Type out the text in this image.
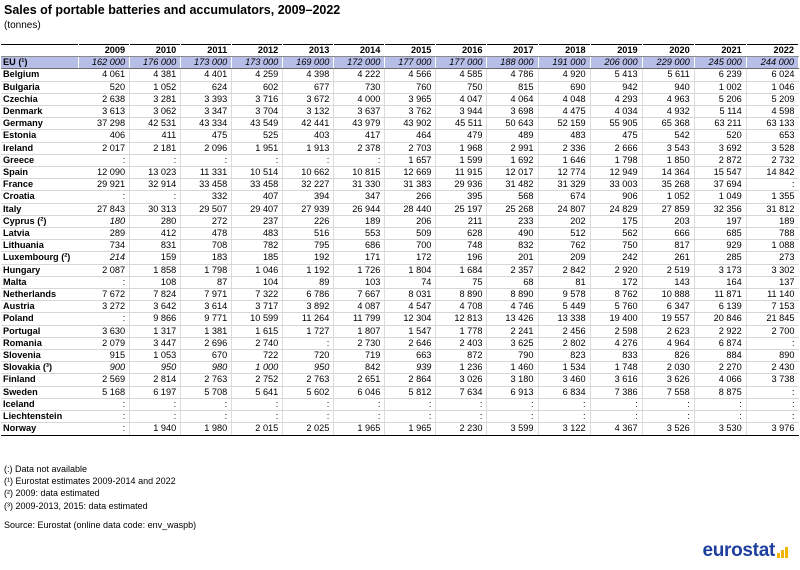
Sales of portable batteries and accumulators, 2009–2022
(tonnes)
	2009	2010	2011	2012	2013	2014	2015	2016	2017	2018	2019	2020	2021	2022
EU (¹)	162 000	176 000	173 000	173 000	169 000	172 000	177 000	177 000	188 000	191 000	206 000	229 000	245 000	244 000
Belgium	4 061	4 381	4 401	4 259	4 398	4 222	4 566	4 585	4 786	4 920	5 413	5 611	6 239	6 024
Bulgaria	520	1 052	624	602	677	730	760	750	815	690	942	940	1 002	1 046
Czechia	2 638	3 281	3 393	3 716	3 672	4 000	3 965	4 047	4 064	4 048	4 293	4 963	5 206	5 209
Denmark	3 613	3 062	3 347	3 704	3 132	3 637	3 762	3 944	3 698	4 475	4 034	4 932	5 114	4 598
Germany	37 298	42 531	43 334	43 549	42 441	43 979	43 902	45 511	50 643	52 159	55 905	65 368	63 211	63 133
Estonia	406	411	475	525	403	417	464	479	489	483	475	542	520	653
Ireland	2 017	2 181	2 096	1 951	1 913	2 378	2 703	1 968	2 991	2 336	2 666	3 543	3 692	3 528
Greece	:	:	:	:	:	:	1 657	1 599	1 692	1 646	1 798	1 850	2 872	2 732
Spain	12 090	13 023	11 331	10 514	10 662	10 815	12 669	11 915	12 017	12 774	12 949	14 364	15 547	14 842
France	29 921	32 914	33 458	33 458	32 227	31 330	31 383	29 936	31 482	31 329	33 003	35 268	37 694	:
Croatia	:	:	332	407	394	347	266	395	568	674	906	1 052	1 049	1 355
Italy	27 843	30 313	29 507	29 407	27 939	26 944	28 440	25 197	25 268	24 807	24 829	27 859	32 356	31 812
Cyprus (²)	180	280	272	237	226	189	206	211	233	202	175	203	197	189
Latvia	289	412	478	483	516	553	509	628	490	512	562	666	685	788
Lithuania	734	831	708	782	795	686	700	748	832	762	750	817	929	1 088
Luxembourg (²)	214	159	183	185	192	171	172	196	201	209	242	261	285	273
Hungary	2 087	1 858	1 798	1 046	1 192	1 726	1 804	1 684	2 357	2 842	2 920	2 519	3 173	3 302
Malta	:	108	87	104	89	103	74	75	68	81	172	143	164	137
Netherlands	7 672	7 824	7 971	7 322	6 786	7 667	8 031	8 890	8 890	9 578	8 762	10 888	11 871	11 140
Austria	3 272	3 642	3 614	3 717	3 892	4 087	4 547	4 708	4 746	5 449	5 760	6 347	6 139	7 153
Poland	:	9 866	9 771	10 599	11 264	11 799	12 304	12 813	13 426	13 338	19 400	19 557	20 846	21 845
Portugal	3 630	1 317	1 381	1 615	1 727	1 807	1 547	1 778	2 241	2 456	2 598	2 623	2 922	2 700
Romania	2 079	3 447	2 696	2 740	:	2 730	2 646	2 403	3 625	2 802	4 276	4 964	6 874	:
Slovenia	915	1 053	670	722	720	719	663	872	790	823	833	826	884	890
Slovakia (³)	900	950	980	1 000	950	842	939	1 236	1 460	1 534	1 748	2 030	2 270	2 430
Finland	2 569	2 814	2 763	2 752	2 763	2 651	2 864	3 026	3 180	3 460	3 616	3 626	4 066	3 738
Sweden	5 168	6 197	5 708	5 641	5 602	6 046	5 812	7 634	6 913	6 834	7 386	7 558	8 875	:
Iceland	:	:	:	:	:	:	:	:	:	:	:	:	:	:
Liechtenstein	:	:	:	:	:	:	:	:	:	:	:	:	:	:
Norway	:	1 940	1 980	2 015	2 025	1 965	1 965	2 230	3 599	3 122	4 367	3 526	3 530	3 976
(:) Data not available
(¹) Eurostat estimates 2009-2014 and 2022
(²) 2009: data estimated
(³) 2009-2013, 2015: data estimated
Source: Eurostat (online data code: env_waspb)
eurostat
